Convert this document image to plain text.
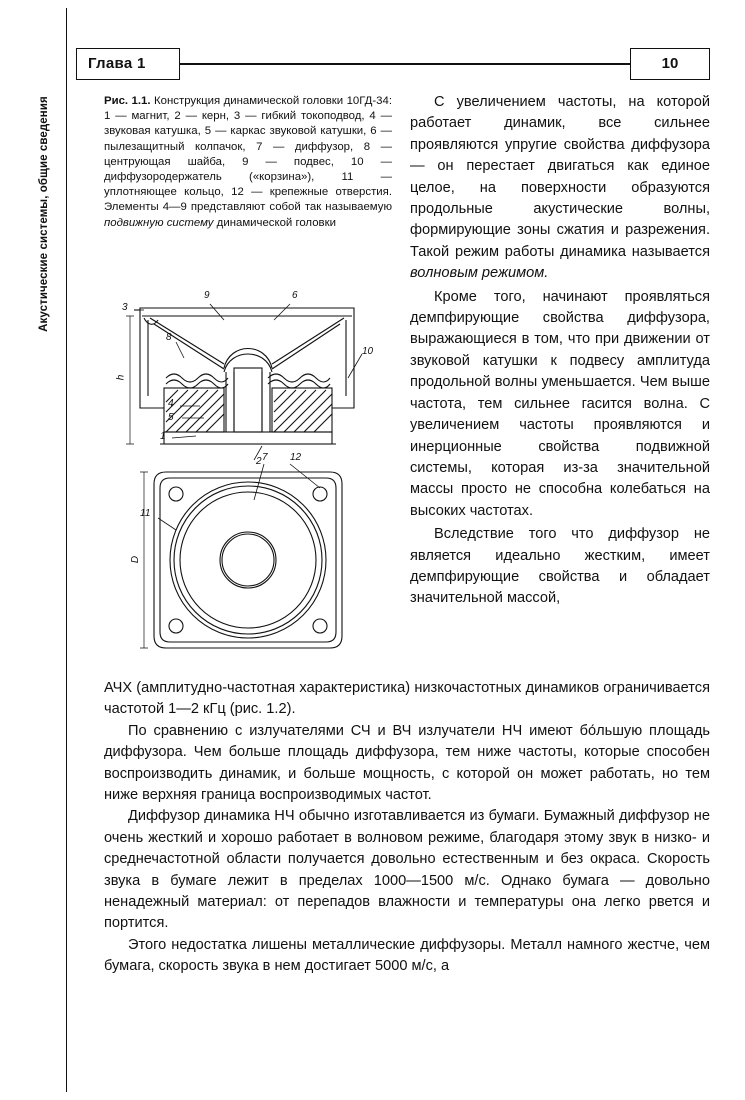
Акустические системы, общие сведения
Глава 1	10
Рис. 1.1. Конструкция динамической головки 10ГД-34: 1 — магнит, 2 — керн, 3 — гибкий токоподвод, 4 — звуковая катушка, 5 — каркас звуковой катушки, 6 — пылезащитный колпачок, 7 — диффузор, 8 — центрующая шайба, 9 — подвес, 10 — диффузородержатель («корзина»), 11 — уплотняющее кольцо, 12 — крепежные отверстия. Элементы 4—9 представляют собой так называемую подвижную систему динамической головки

С увеличением частоты, на которой работает динамик, все сильнее проявляются упругие свойства диффузора — он перестает двигаться как единое целое, на поверхности образуются продольные акустические волны, формирующие зоны сжатия и разрежения. Такой режим работы динамика называется волновым режимом.

Кроме того, начинают проявляться демпфирующие свойства диффузора, выражающиеся в том, что при движении от звуковой катушки к подвесу амплитуда продольной волны уменьшается. Чем выше частота, тем сильнее гасится волна. С увеличением частоты проявляются и инерционные свойства подвижной системы, которая из-за значительной массы просто не способна колебаться на высоких частотах.

Вследствие того что диффузор не является идеально жестким, имеет демпфирующие свойства и обладает значительной массой,

9	6
3
8
10
4
5
1
2 7 12
11
h
D

АЧХ (амплитудно-частотная характеристика) низкочастотных динамиков ограничивается частотой 1—2 кГц (рис. 1.2).

По сравнению с излучателями СЧ и ВЧ излучатели НЧ имеют бо́льшую площадь диффузора. Чем больше площадь диффузора, тем ниже частоты, которые способен воспроизводить динамик, и больше мощность, с которой он может работать, но тем ниже верхняя граница воспроизводимых частот.

Диффузор динамика НЧ обычно изготавливается из бумаги. Бумажный диффузор не очень жесткий и хорошо работает в волновом режиме, благодаря этому звук в низко- и среднечастотной области получается довольно естественным и без окраса. Скорость звука в бумаге лежит в пределах 1000—1500 м/с. Однако бумага — довольно ненадежный материал: от перепадов влажности и температуры она легко рвется и портится.

Этого недостатка лишены металлические диффузоры. Металл намного жестче, чем бумага, скорость звука в нем достигает 5000 м/с, а
